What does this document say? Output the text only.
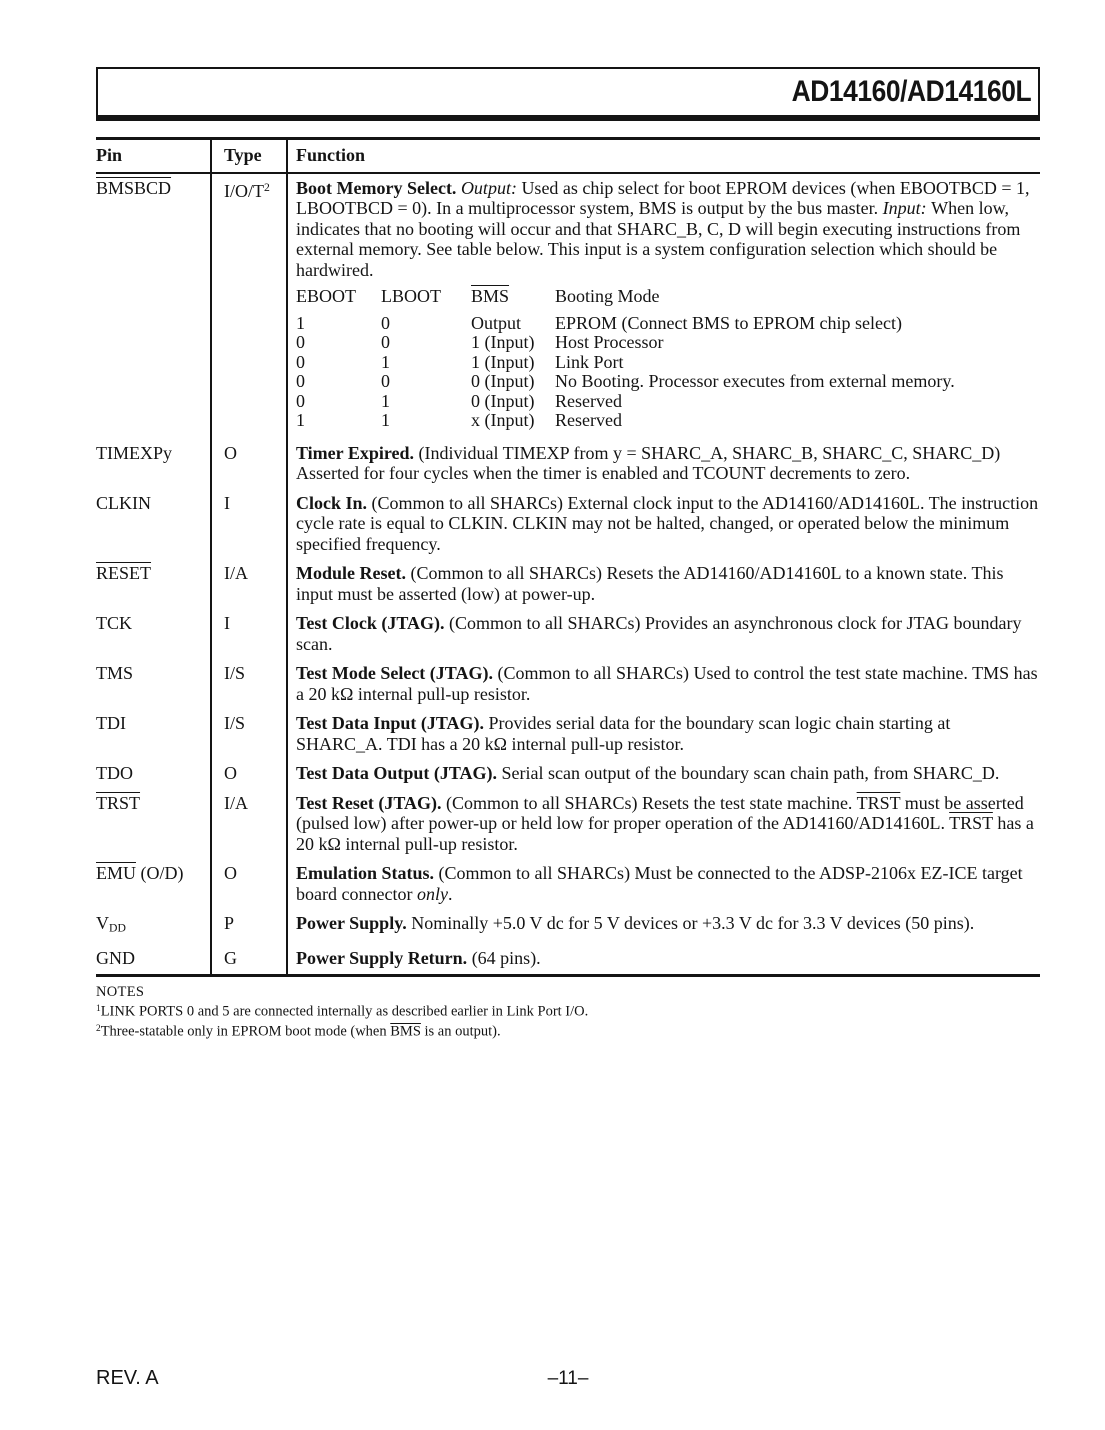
AD14160/AD14160L
Pin	Type	Function
BMSBCD	$I/O/T^2$	Boot Memory Select. Output: Used as chip select for boot EPROM devices (when EBOOTBCD = 1, LBOOTBCD = 0). In a multiprocessor system, BMS is output by the bus master. Input: When low, indicates that no booting will occur and that SHARC_B, C, D will begin executing instructions from external memory. See table below. This input is a system configuration selection which should be hardwired.
EBOOT	LBOOT	$\overline{BMS}$	Booting Mode
1	0	Output	EPROM (Connect BMS to EPROM chip select)
0	0	1 (Input)	Host Processor
0	1	1 (Input)	Link Port
0	0	0 (Input)	No Booting. Processor executes from external memory.
0	1	0 (Input)	Reserved
1	1	x (Input)	Reserved
TIMEXPy	O	Timer Expired. (Individual TIMEXP from y = SHARC_A, SHARC_B, SHARC_C, SHARC_D) Asserted for four cycles when the timer is enabled and TCOUNT decrements to zero.
CLKIN	I	Clock In. (Common to all SHARCs) External clock input to the AD14160/AD14160L. The instruction cycle rate is equal to CLKIN. CLKIN may not be halted, changed, or operated below the minimum specified frequency.
RESET	I/A	Module Reset. (Common to all SHARCs) Resets the AD14160/AD14160L to a known state. This input must be asserted (low) at power-up.
TCK	I	Test Clock (JTAG). (Common to all SHARCs) Provides an asynchronous clock for JTAG boundary scan.
TMS	I/S	Test Mode Select (JTAG). (Common to all SHARCs) Used to control the test state machine. TMS has a 20 kΩ internal pull-up resistor.
TDI	I/S	Test Data Input (JTAG). Provides serial data for the boundary scan logic chain starting at SHARC_A. TDI has a 20 kΩ internal pull-up resistor.
TDO	O	Test Data Output (JTAG). Serial scan output of the boundary scan chain path, from SHARC_D.
TRST	I/A	Test Reset (JTAG). (Common to all SHARCs) Resets the test state machine. TRST must be asserted (pulsed low) after power-up or held low for proper operation of the AD14160/AD14160L. TRST has a 20 kΩ internal pull-up resistor.
$\overline{EMU}$ (O/D)	O	Emulation Status. (Common to all SHARCs) Must be connected to the ADSP-2106x EZ-ICE target board connector only.
VDD	P	Power Supply. Nominally +5.0 V dc for 5 V devices or +3.3 V dc for 3.3 V devices (50 pins).
GND	G	Power Supply Return. (64 pins).
NOTES
$^1$LINK PORTS 0 and 5 are connected internally as described earlier in Link Port I/O.
$^2$Three-statable only in EPROM boot mode (when $\overline{BMS}$ is an output).
REV. A	–11–
